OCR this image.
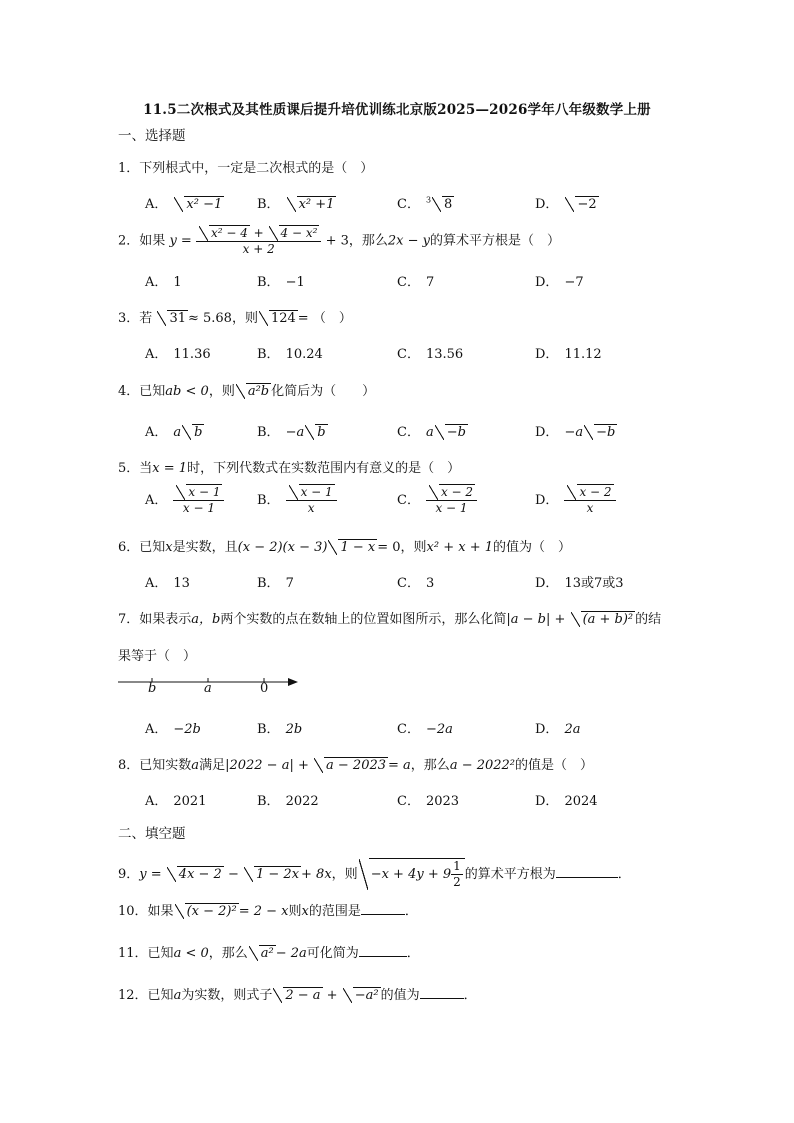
11.5二次根式及其性质课后提升培优训练北京版2025—2026学年八年级数学上册
一、选择题
1．下列根式中，一定是二次根式的是（　）
A． x² −1	B． x² +1	C． $^3$ 8	D． −2
2．如果 $y = \frac{\text{x² − 4 + 4 − x²}}{x + 2} + 3$，那么2x − y的算术平方根是（　）
A． 1	B． −1	C． 7	D． −7
3．若 31 ≈ 5.68，则 124 = （　）
A． 11.36	B． 10.24	C． 13.56	D． 11.12
4．已知ab < 0，则 a²b 化简后为（　　）
A． a b	B． −a b	C． a −b	D． −a −b
5．当x = 1时，下列代数式在实数范围内有意义的是（　）
A． $\frac{x - 1}{x - 1}$	B． $\frac{x - 1}{x}$	C． $\frac{x - 2}{x - 1}$	D． $\frac{x - 2}{x}$
6．已知x是实数，且(x − 2)(x − 3) 1 − x = 0，则x² + x + 1的值为（　）
A． 13	B． 7	C． 3	D． 13或7或3
7．如果表示a，b两个实数的点在数轴上的位置如图所示，那么化简|a − b| + (a + b)² 的结
果等于（　）
b	a	0
A． −2b	B． 2b	C． −2a	D． 2a
8．已知实数a满足|2022 − a| + a − 2023 = a，那么a − 2022²的值是（　）
A． 2021	B． 2022	C． 2023	D． 2024
二、填空题
9．y = 4x − 2 − 1 − 2x + 8x，则 $-x + 4y + 9 \frac{1}{2}$ 的算术平方根为	．
10．如果 (x − 2)² = 2 − x则x的范围是	．
11．已知a < 0，那么 a² − 2a可化简为	．
12．已知a为实数，则式子 2 − a + −a² 的值为	．
